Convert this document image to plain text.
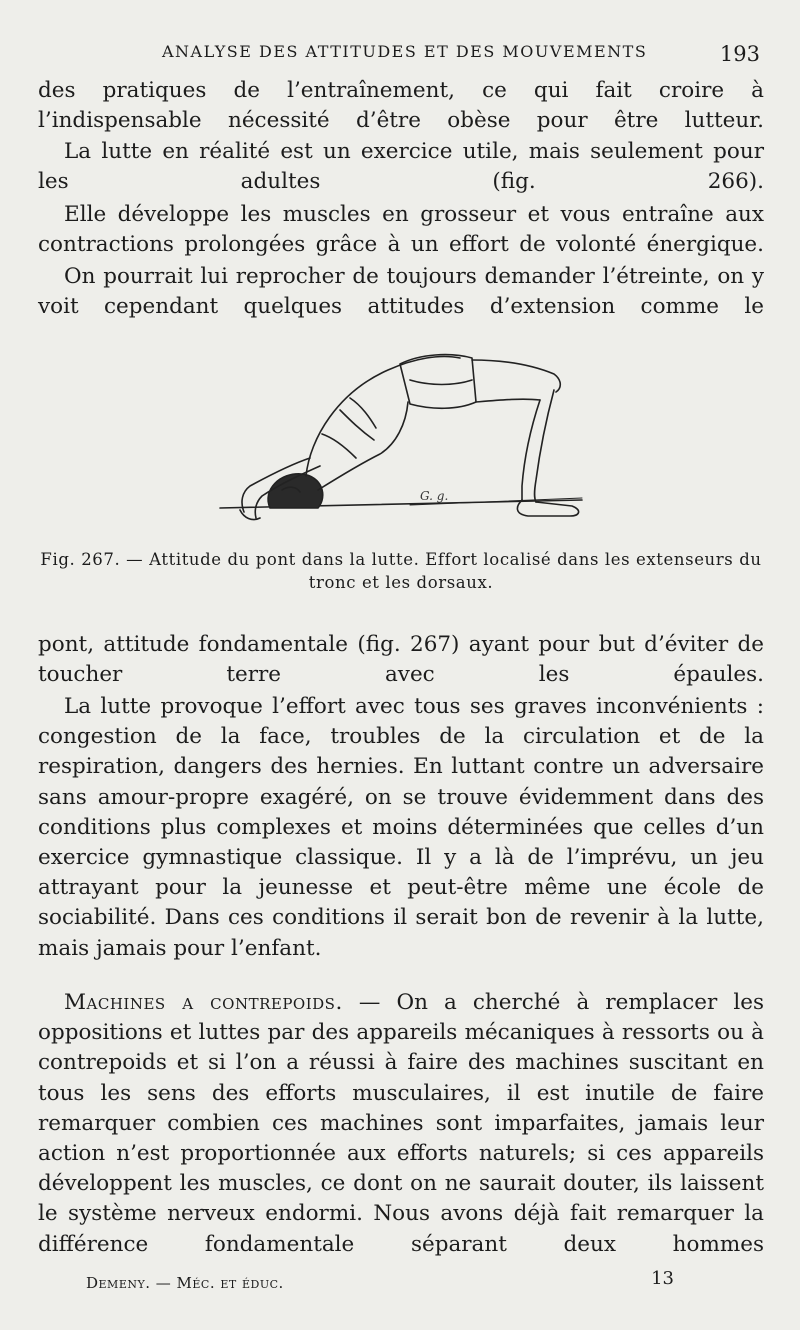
ANALYSE DES ATTITUDES ET DES MOUVEMENTS	193

des pratiques de l’entraînement, ce qui fait croire à l’indispensable nécessité d’être obèse pour être lutteur.

La lutte en réalité est un exercice utile, mais seulement pour les adultes (fig. 266).

Elle développe les muscles en grosseur et vous entraîne aux contractions prolongées grâce à un effort de volonté énergique.

On pourrait lui reprocher de toujours demander l’étreinte, on y voit cependant quelques attitudes d’extension comme le

G. g.

Fig. 267. — Attitude du pont dans la lutte. Effort localisé dans les extenseurs du tronc et les dorsaux.

pont, attitude fondamentale (fig. 267) ayant pour but d’éviter de toucher terre avec les épaules.

La lutte provoque l’effort avec tous ses graves inconvénients : congestion de la face, troubles de la circulation et de la respiration, dangers des hernies. En luttant contre un adversaire sans amour-propre exagéré, on se trouve évidemment dans des conditions plus complexes et moins déterminées que celles d’un exercice gymnastique classique. Il y a là de l’imprévu, un jeu attrayant pour la jeunesse et peut-être même une école de sociabilité. Dans ces conditions il serait bon de revenir à la lutte, mais jamais pour l’enfant.

Machines a contrepoids. — On a cherché à remplacer les oppositions et luttes par des appareils mécaniques à ressorts ou à contrepoids et si l’on a réussi à faire des machines suscitant en tous les sens des efforts musculaires, il est inutile de faire remarquer combien ces machines sont imparfaites, jamais leur action n’est proportionnée aux efforts naturels; si ces appareils développent les muscles, ce dont on ne saurait douter, ils laissent le système nerveux endormi. Nous avons déjà fait remarquer la différence fondamentale séparant deux hommes

Demeny. — Méc. et éduc.	13
